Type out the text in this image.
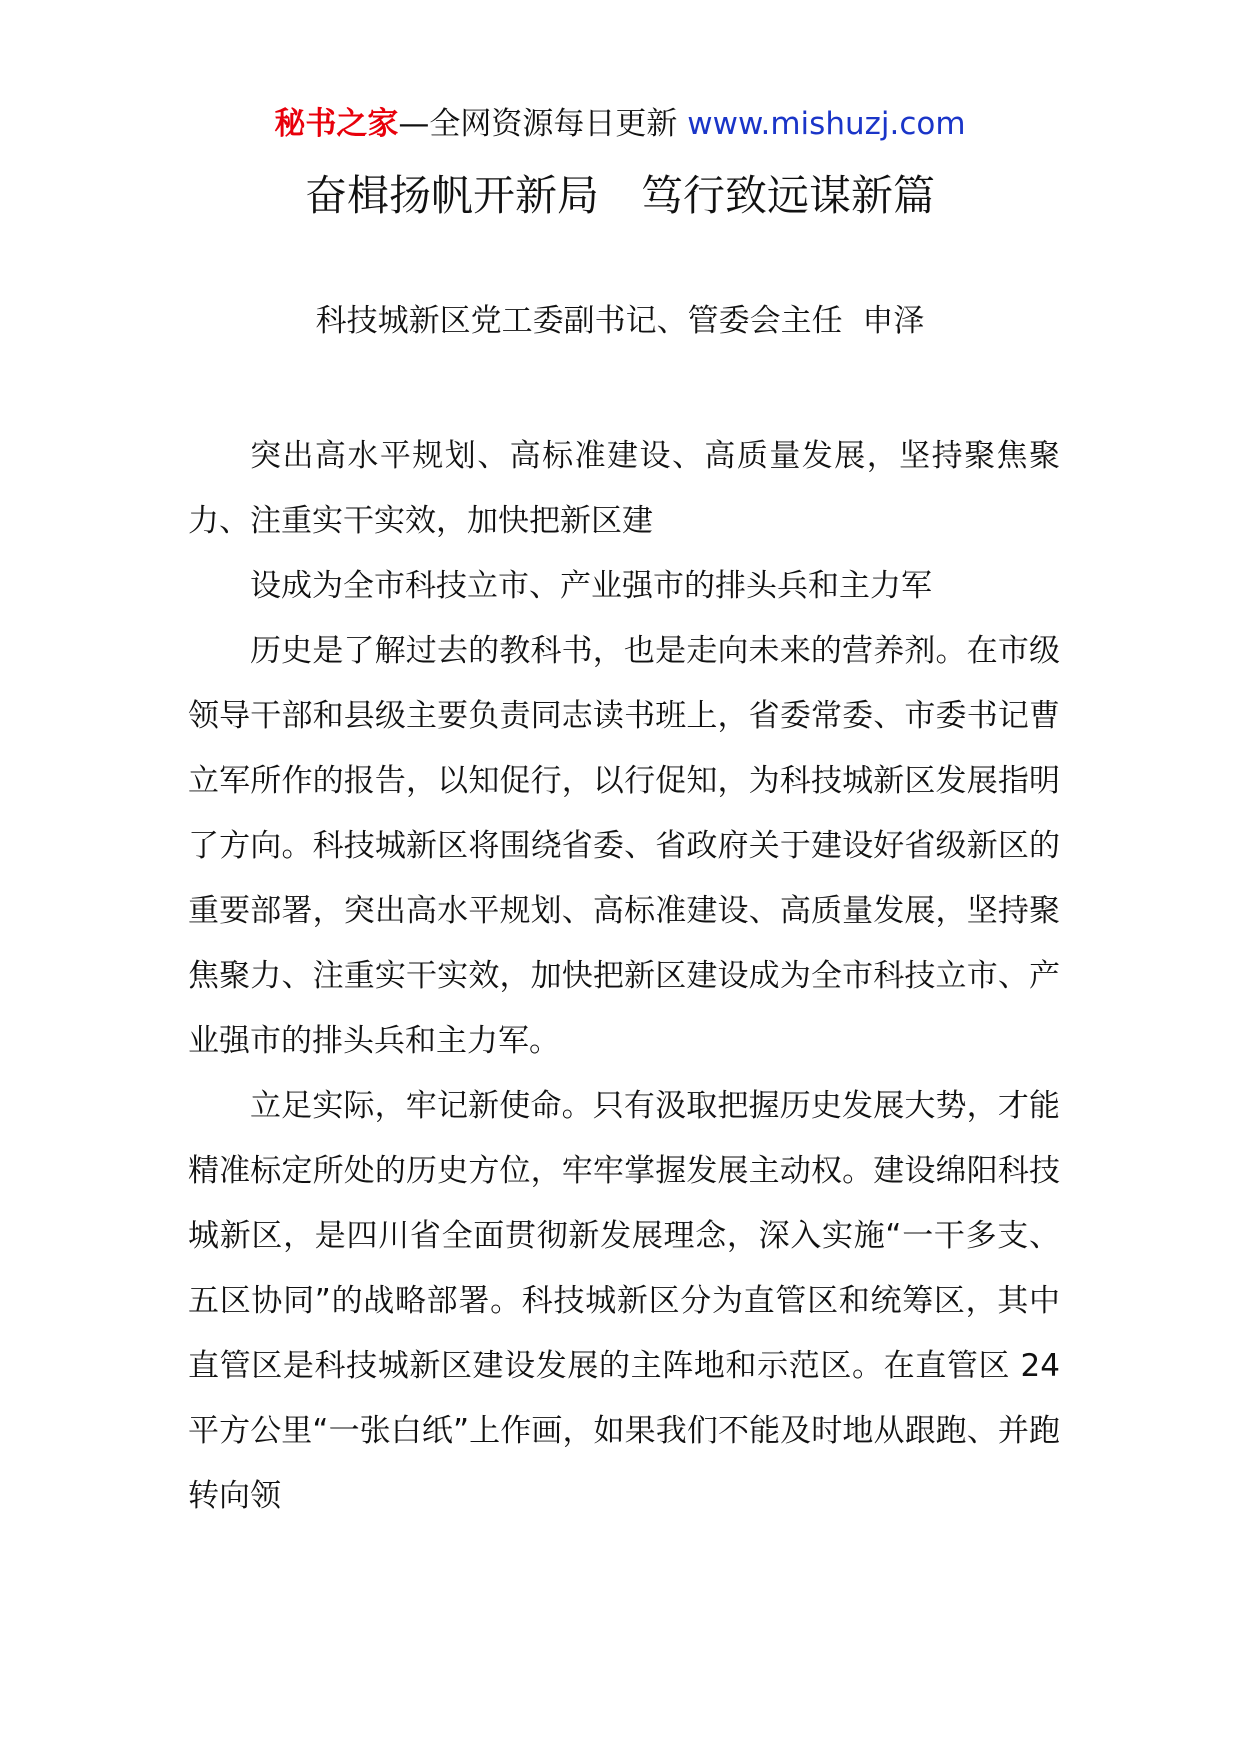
秘书之家—全网资源每日更新 www.mishuzj.com
奋楫扬帆开新局　笃行致远谋新篇
科技城新区党工委副书记、管委会主任  申泽

突出高水平规划、高标准建设、高质量发展，坚持聚焦聚力、注重实干实效，加快把新区建

设成为全市科技立市、产业强市的排头兵和主力军

历史是了解过去的教科书，也是走向未来的营养剂。在市级领导干部和县级主要负责同志读书班上，省委常委、市委书记曹立军所作的报告，以知促行，以行促知，为科技城新区发展指明了方向。科技城新区将围绕省委、省政府关于建设好省级新区的重要部署，突出高水平规划、高标准建设、高质量发展，坚持聚焦聚力、注重实干实效，加快把新区建设成为全市科技立市、产业强市的排头兵和主力军。

立足实际，牢记新使命。只有汲取把握历史发展大势，才能精准标定所处的历史方位，牢牢掌握发展主动权。建设绵阳科技城新区，是四川省全面贯彻新发展理念，深入实施“一干多支、五区协同”的战略部署。科技城新区分为直管区和统筹区，其中直管区是科技城新区建设发展的主阵地和示范区。在直管区 24 平方公里“一张白纸”上作画，如果我们不能及时地从跟跑、并跑转向领
